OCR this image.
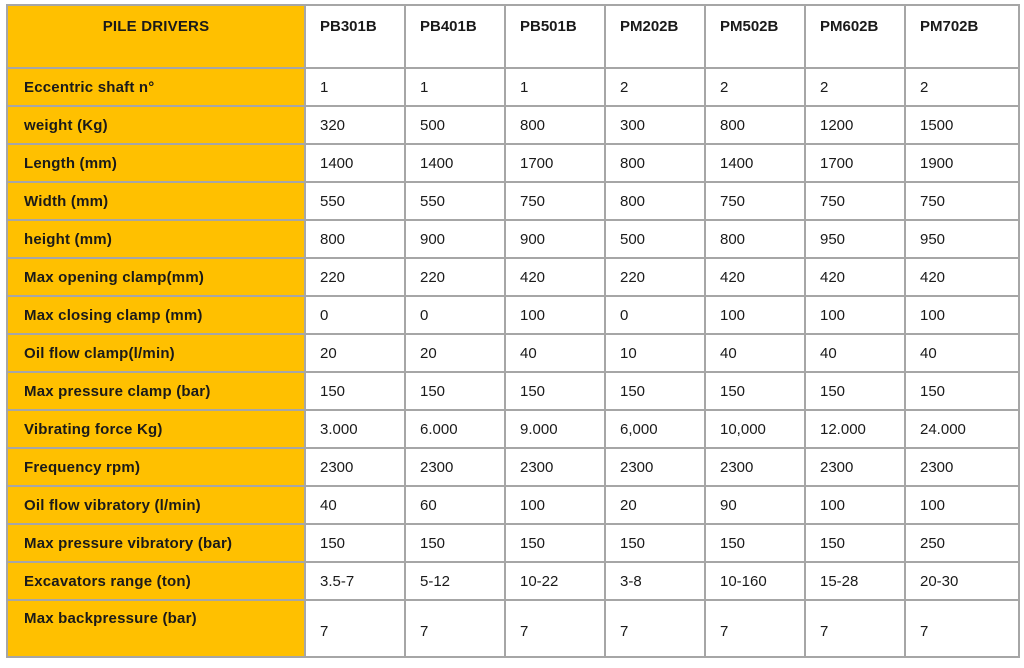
PILE DRIVERS	PB301B	PB401B	PB501B	PM202B	PM502B	PM602B	PM702B
Eccentric shaft n°	1	1	1	2	2	2	2
weight (Kg)	320	500	800	300	800	1200	1500
Length (mm)	1400	1400	1700	800	1400	1700	1900
Width (mm)	550	550	750	800	750	750	750
height (mm)	800	900	900	500	800	950	950
Max opening clamp(mm)	220	220	420	220	420	420	420
Max closing clamp (mm)	0	0	100	0	100	100	100
Oil flow clamp(l/min)	20	20	40	10	40	40	40
Max pressure clamp (bar)	150	150	150	150	150	150	150
Vibrating force Kg)	3.000	6.000	9.000	6,000	10,000	12.000	24.000
Frequency rpm)	2300	2300	2300	2300	2300	2300	2300
Oil flow vibratory (l/min)	40	60	100	20	90	100	100
Max pressure vibratory (bar)	150	150	150	150	150	150	250
Excavators range (ton)	3.5-7	5-12	10-22	3-8	10-160	15-28	20-30
Max backpressure (bar)	7	7	7	7	7	7	7
